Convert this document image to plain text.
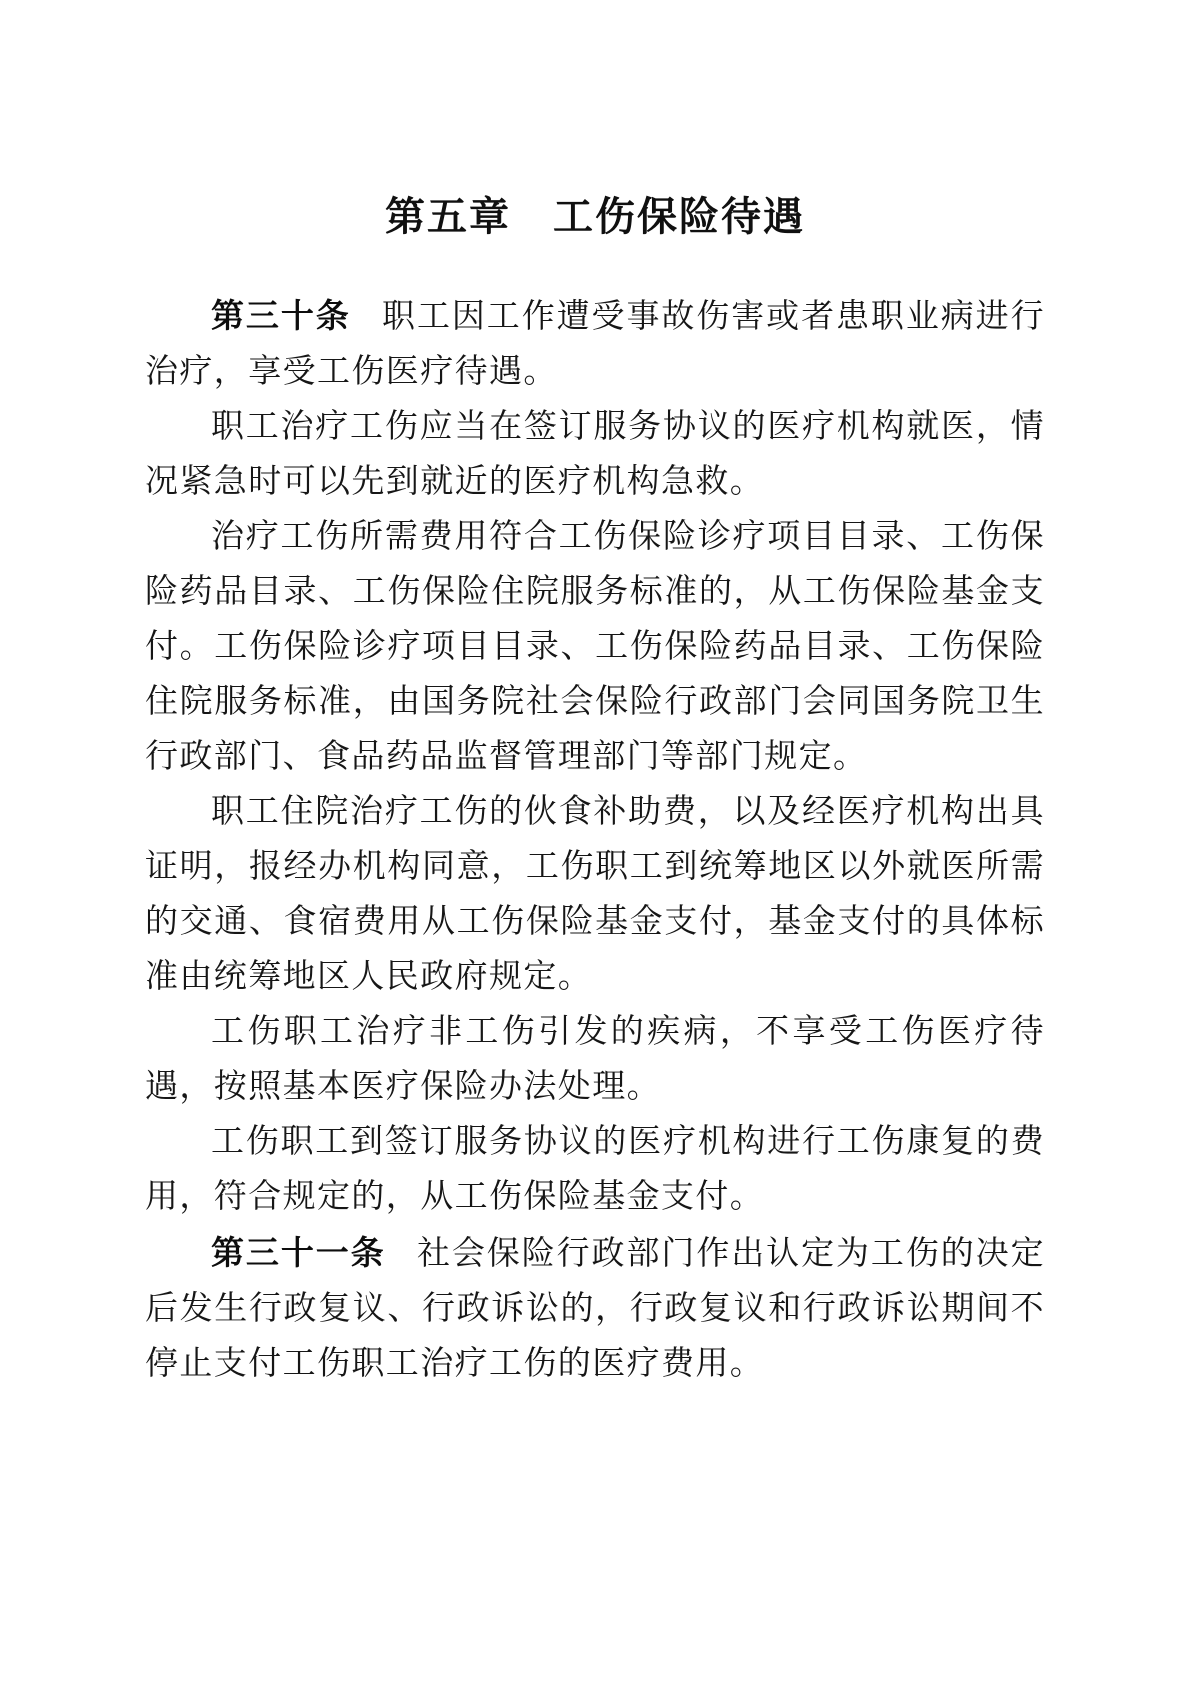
第五章　工伤保险待遇

第三十条 职工因工作遭受事故伤害或者患职业病进行治疗，享受工伤医疗待遇。

职工治疗工伤应当在签订服务协议的医疗机构就医，情况紧急时可以先到就近的医疗机构急救。

治疗工伤所需费用符合工伤保险诊疗项目目录、工伤保险药品目录、工伤保险住院服务标准的，从工伤保险基金支付。工伤保险诊疗项目目录、工伤保险药品目录、工伤保险住院服务标准，由国务院社会保险行政部门会同国务院卫生行政部门、食品药品监督管理部门等部门规定。

职工住院治疗工伤的伙食补助费，以及经医疗机构出具证明，报经办机构同意，工伤职工到统筹地区以外就医所需的交通、食宿费用从工伤保险基金支付，基金支付的具体标准由统筹地区人民政府规定。

工伤职工治疗非工伤引发的疾病，不享受工伤医疗待遇，按照基本医疗保险办法处理。

工伤职工到签订服务协议的医疗机构进行工伤康复的费用，符合规定的，从工伤保险基金支付。

第三十一条 社会保险行政部门作出认定为工伤的决定后发生行政复议、行政诉讼的，行政复议和行政诉讼期间不停止支付工伤职工治疗工伤的医疗费用。
